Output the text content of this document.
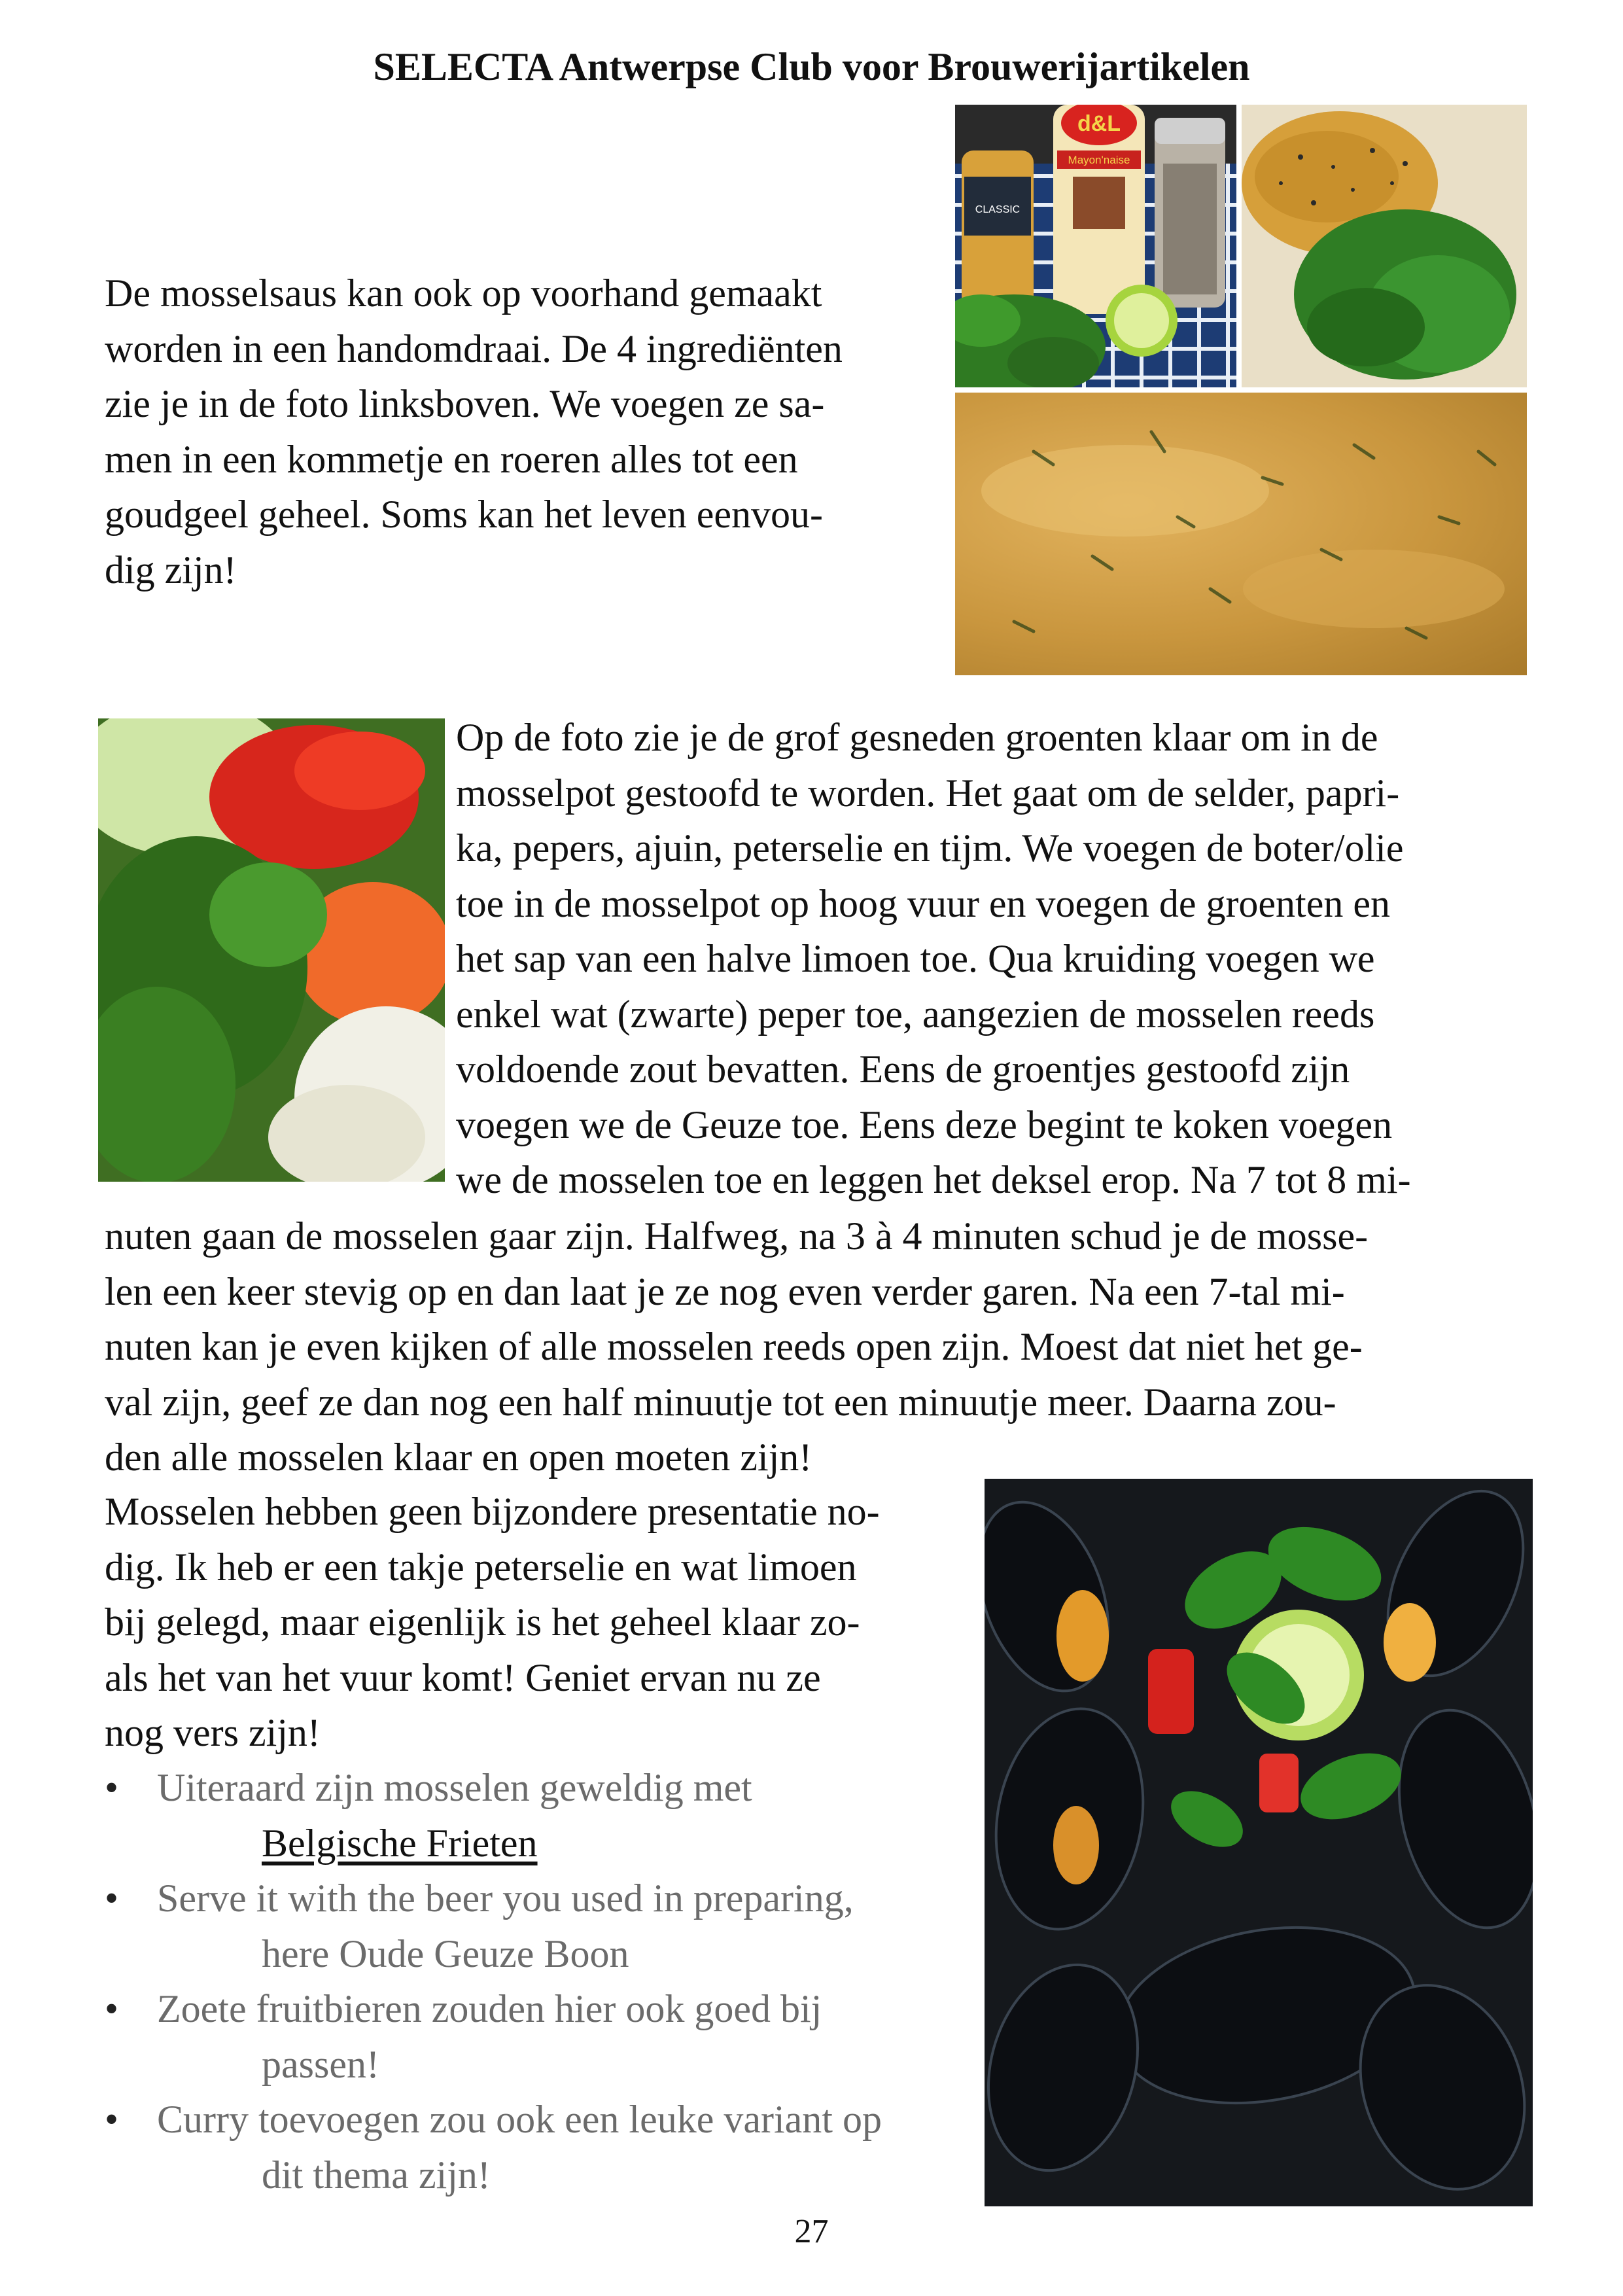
SELECTA Antwerpse Club voor Brouwerijartikelen
CLASSIC
d&L
Mayon'naise
De mosselsaus kan ook op voorhand gemaakt
worden in een handomdraai. De 4 ingrediënten
zie je in de foto linksboven. We voegen ze sa-
men in een kommetje en roeren alles tot een
goudgeel geheel. Soms kan het leven eenvou-
dig zijn!
Op de foto zie je de grof gesneden groenten klaar om in de
mosselpot gestoofd te worden. Het gaat om de selder, papri-
ka, pepers, ajuin, peterselie en tijm. We voegen de boter/olie
toe in de mosselpot op hoog vuur en voegen de groenten en
het sap van een halve limoen toe. Qua kruiding voegen we
enkel wat (zwarte) peper toe, aangezien de mosselen reeds
voldoende zout bevatten. Eens de groentjes gestoofd zijn
voegen we de Geuze toe. Eens deze begint te koken voegen
we de mosselen toe en leggen het deksel erop. Na 7 tot 8 mi-
nuten gaan de mosselen gaar zijn. Halfweg, na 3 à 4 minuten schud je de mosse-
len een keer stevig op en dan laat je ze nog even verder garen. Na een 7-tal mi-
nuten kan je even kijken of alle mosselen reeds open zijn. Moest dat niet het ge-
val zijn, geef ze dan nog een half minuutje tot een minuutje meer. Daarna zou-
den alle mosselen klaar en open moeten zijn!
Mosselen hebben geen bijzondere presentatie no-
dig. Ik heb er een takje peterselie en wat limoen
bij gelegd, maar eigenlijk is het geheel klaar zo-
als het van het vuur komt! Geniet ervan nu ze
nog vers zijn!
• Uiteraard zijn mosselen geweldig met
Belgische Frieten
• Serve it with the beer you used in preparing,
here Oude Geuze Boon
• Zoete fruitbieren zouden hier ook goed bij
passen!
• Curry toevoegen zou ook een leuke variant op
dit thema zijn!
27
